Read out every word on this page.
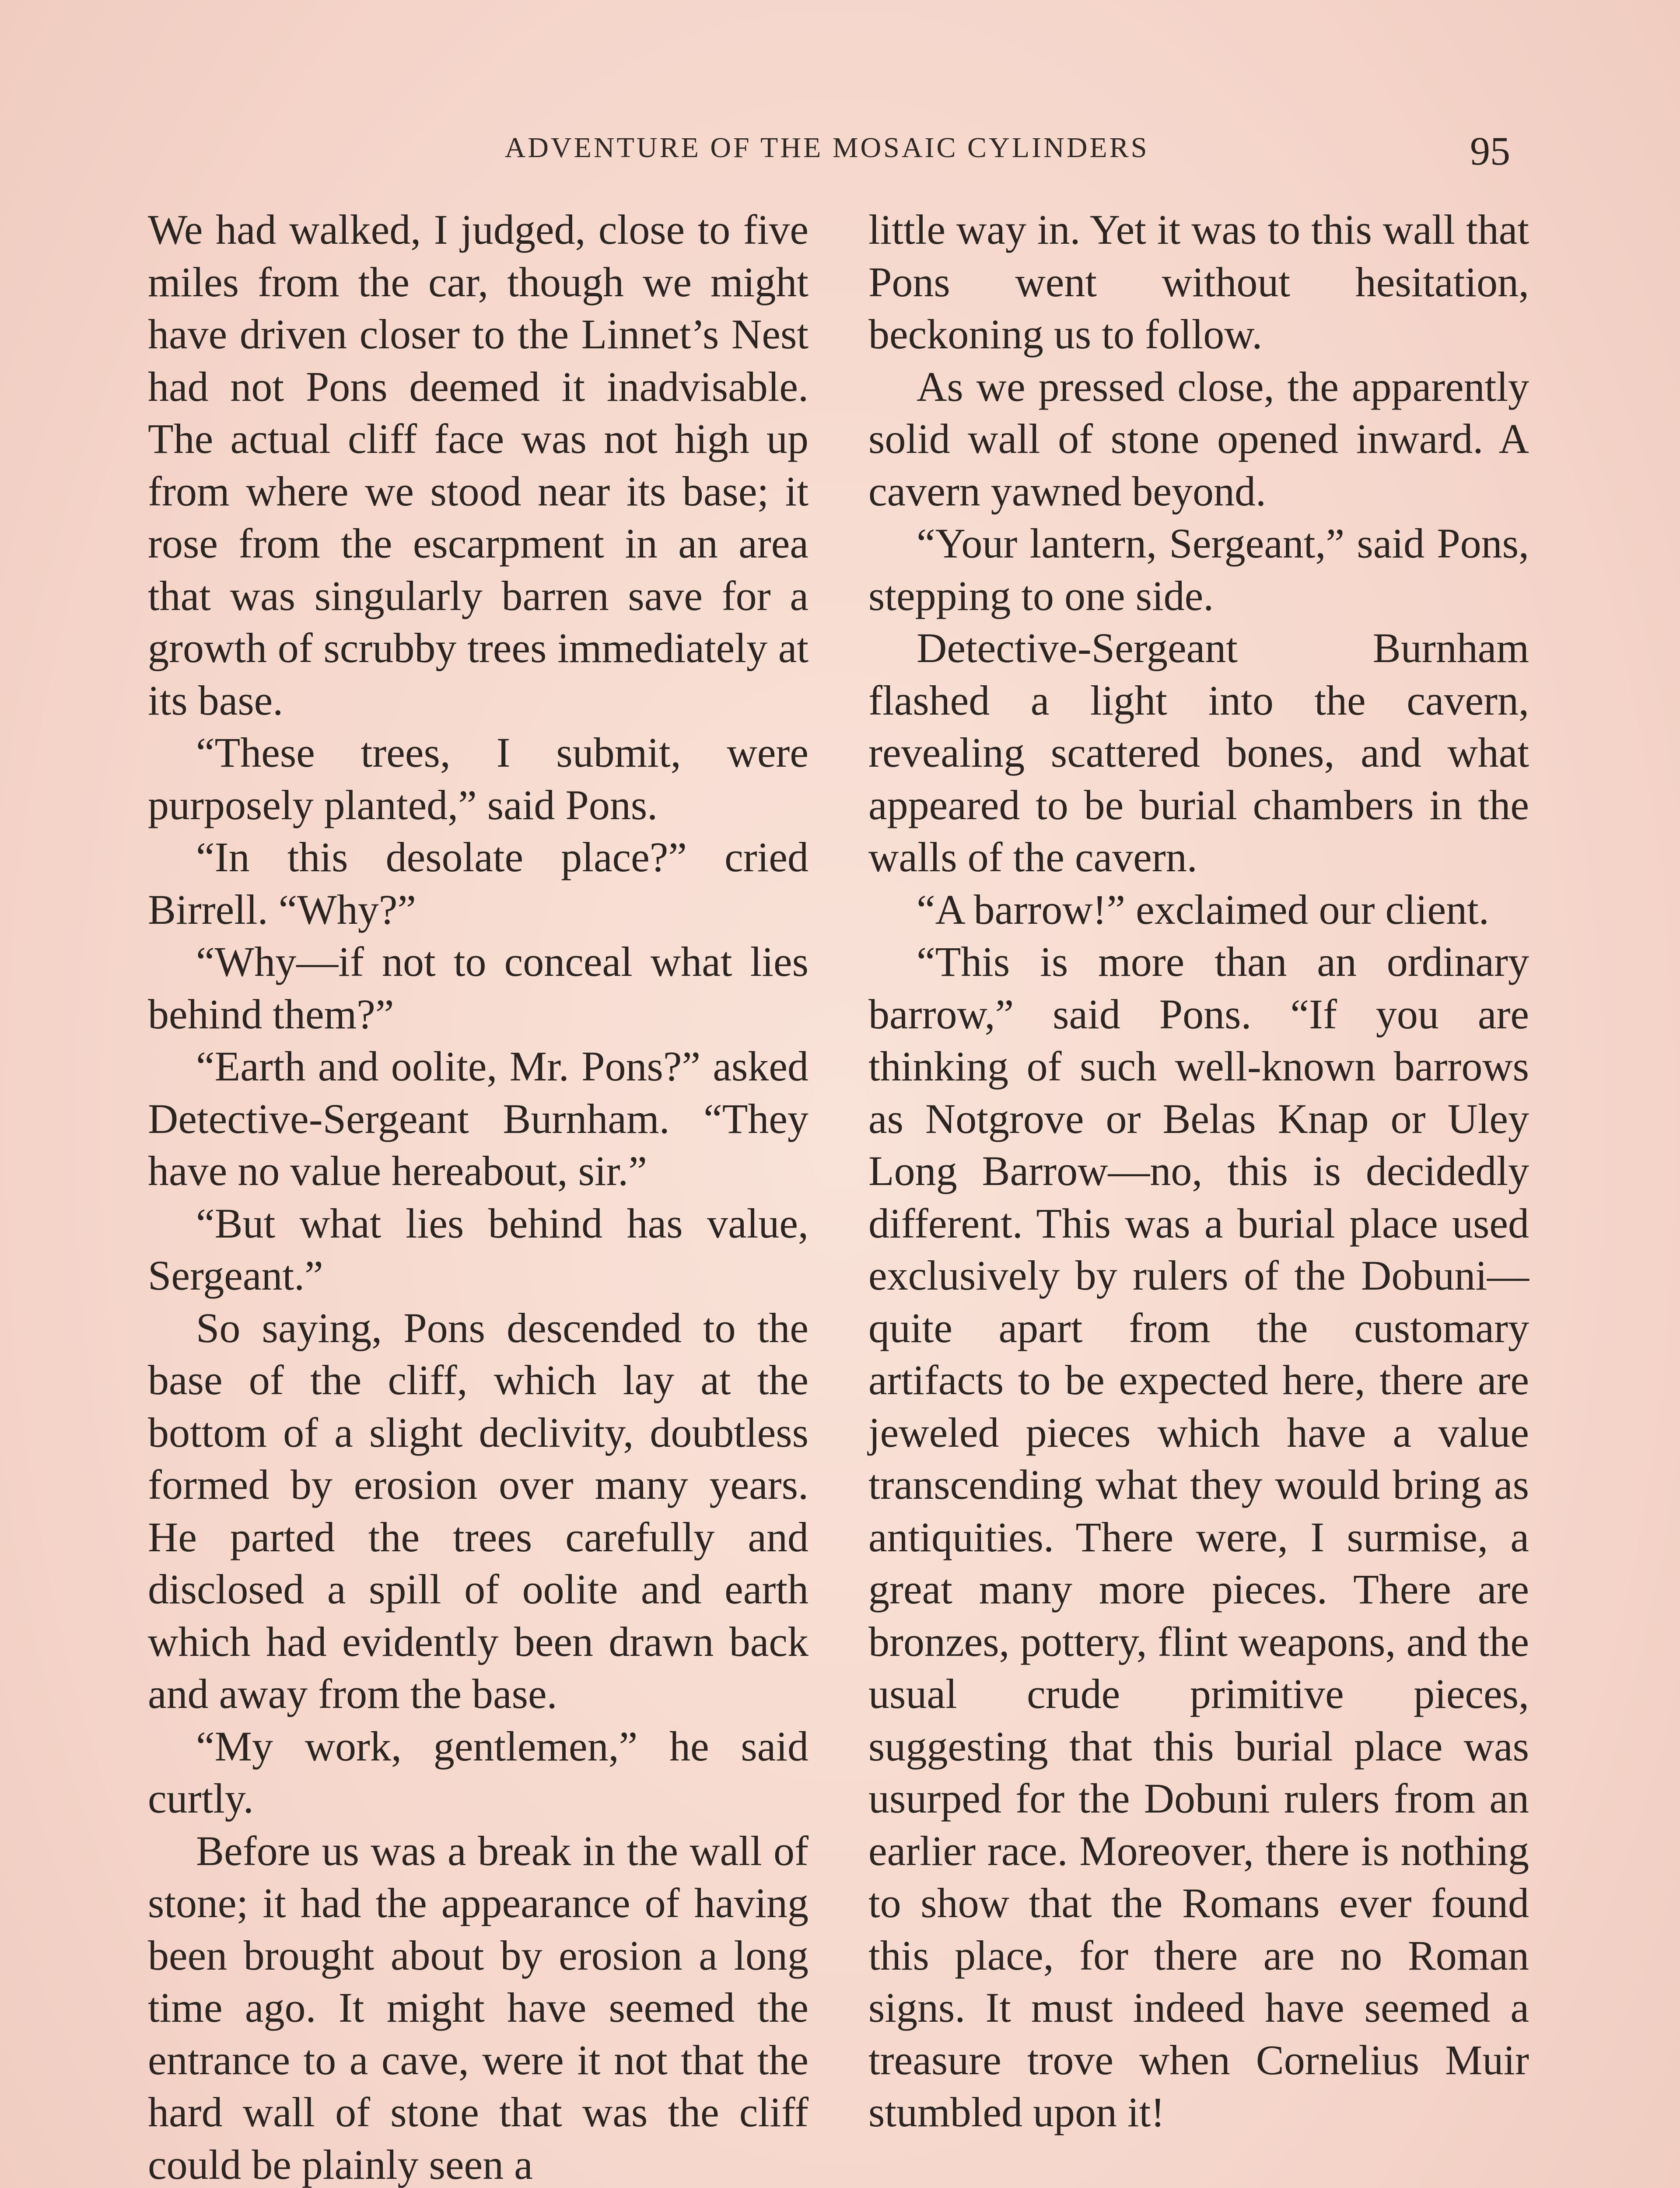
ADVENTURE OF THE MOSAIC CYLINDERS	95

We had walked, I judged, close to five miles from the car, though we might have driven closer to the Linnet’s Nest had not Pons deemed it inadvisable. The actual cliff face was not high up from where we stood near its base; it rose from the escarpment in an area that was singularly barren save for a growth of scrubby trees immediately at its base.

“These trees, I submit, were purposely planted,” said Pons.

“In this desolate place?” cried Birrell. “Why?”

“Why—if not to conceal what lies behind them?”

“Earth and oolite, Mr. Pons?” asked Detective-Sergeant Burnham. “They have no value hereabout, sir.”

“But what lies behind has value, Sergeant.”

So saying, Pons descended to the base of the cliff, which lay at the bottom of a slight declivity, doubtless formed by erosion over many years. He parted the trees carefully and disclosed a spill of oolite and earth which had evidently been drawn back and away from the base.

“My work, gentlemen,” he said curtly.

Before us was a break in the wall of stone; it had the appearance of having been brought about by erosion a long time ago. It might have seemed the entrance to a cave, were it not that the hard wall of stone that was the cliff could be plainly seen a

little way in. Yet it was to this wall that Pons went without hesitation, beckoning us to follow.

As we pressed close, the apparently solid wall of stone opened inward. A cavern yawned beyond.

“Your lantern, Sergeant,” said Pons, stepping to one side.

Detective-Sergeant Burnham flashed a light into the cavern, revealing scattered bones, and what appeared to be burial chambers in the walls of the cavern.

“A barrow!” exclaimed our client.

“This is more than an ordinary barrow,” said Pons. “If you are thinking of such well-known barrows as Notgrove or Belas Knap or Uley Long Barrow—no, this is decidedly different. This was a burial place used exclusively by rulers of the Dobuni—quite apart from the customary artifacts to be expected here, there are jeweled pieces which have a value transcending what they would bring as antiquities. There were, I surmise, a great many more pieces. There are bronzes, pottery, flint weapons, and the usual crude primitive pieces, suggesting that this burial place was usurped for the Dobuni rulers from an earlier race. Moreover, there is nothing to show that the Romans ever found this place, for there are no Roman signs. It must indeed have seemed a treasure trove when Cornelius Muir stumbled upon it!
